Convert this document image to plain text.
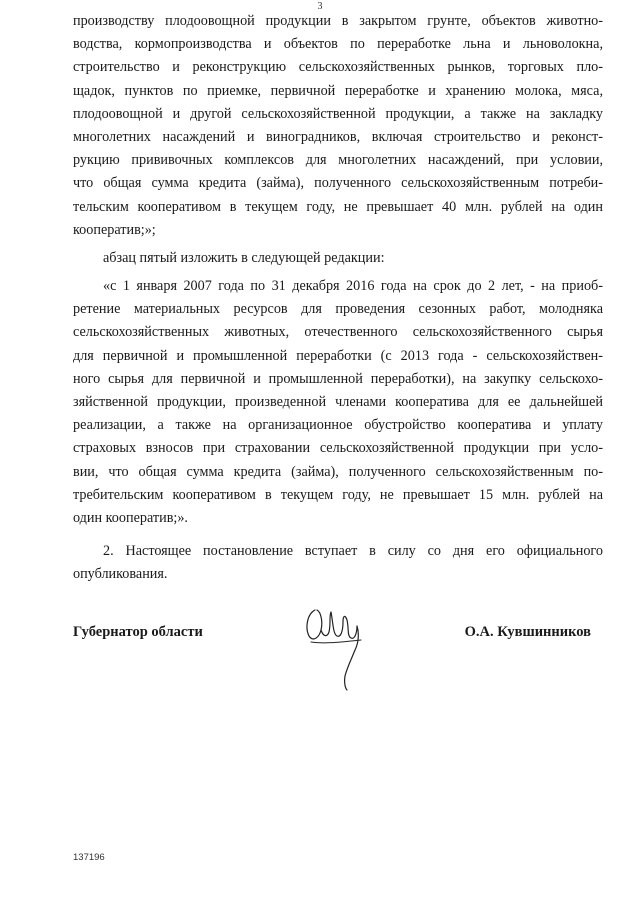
3
производству плодоовощной продукции в закрытом грунте, объектов животно-
водства, кормопроизводства и объектов по переработке льна и льноволокна,
строительство и реконструкцию сельскохозяйственных рынков, торговых пло-
щадок, пунктов по приемке, первичной переработке и хранению молока, мяса,
плодоовощной и другой сельскохозяйственной продукции, а также на закладку
многолетних насаждений и виноградников, включая строительство и реконст-
рукцию прививочных комплексов для многолетних насаждений, при условии,
что общая сумма кредита (займа), полученного сельскохозяйственным потреби-
тельским кооперативом в текущем году, не превышает 40 млн. рублей на один
кооператив;»;
абзац пятый изложить в следующей редакции:
«с 1 января 2007 года по 31 декабря 2016 года на срок до 2 лет, - на приоб-
ретение материальных ресурсов для проведения сезонных работ, молодняка
сельскохозяйственных животных, отечественного сельскохозяйственного сырья
для первичной и промышленной переработки (с 2013 года - сельскохозяйствен-
ного сырья для первичной и промышленной переработки), на закупку сельскохо-
зяйственной продукции, произведенной членами кооператива для ее дальнейшей
реализации, а также на организационное обустройство кооператива и уплату
страховых взносов при страховании сельскохозяйственной продукции при усло-
вии, что общая сумма кредита (займа), полученного сельскохозяйственным по-
требительским кооперативом в текущем году, не превышает 15 млн. рублей на
один кооператив;».
2. Настоящее постановление вступает в силу со дня его официального
опубликования.
Губернатор области	О.А. Кувшинников
137196
